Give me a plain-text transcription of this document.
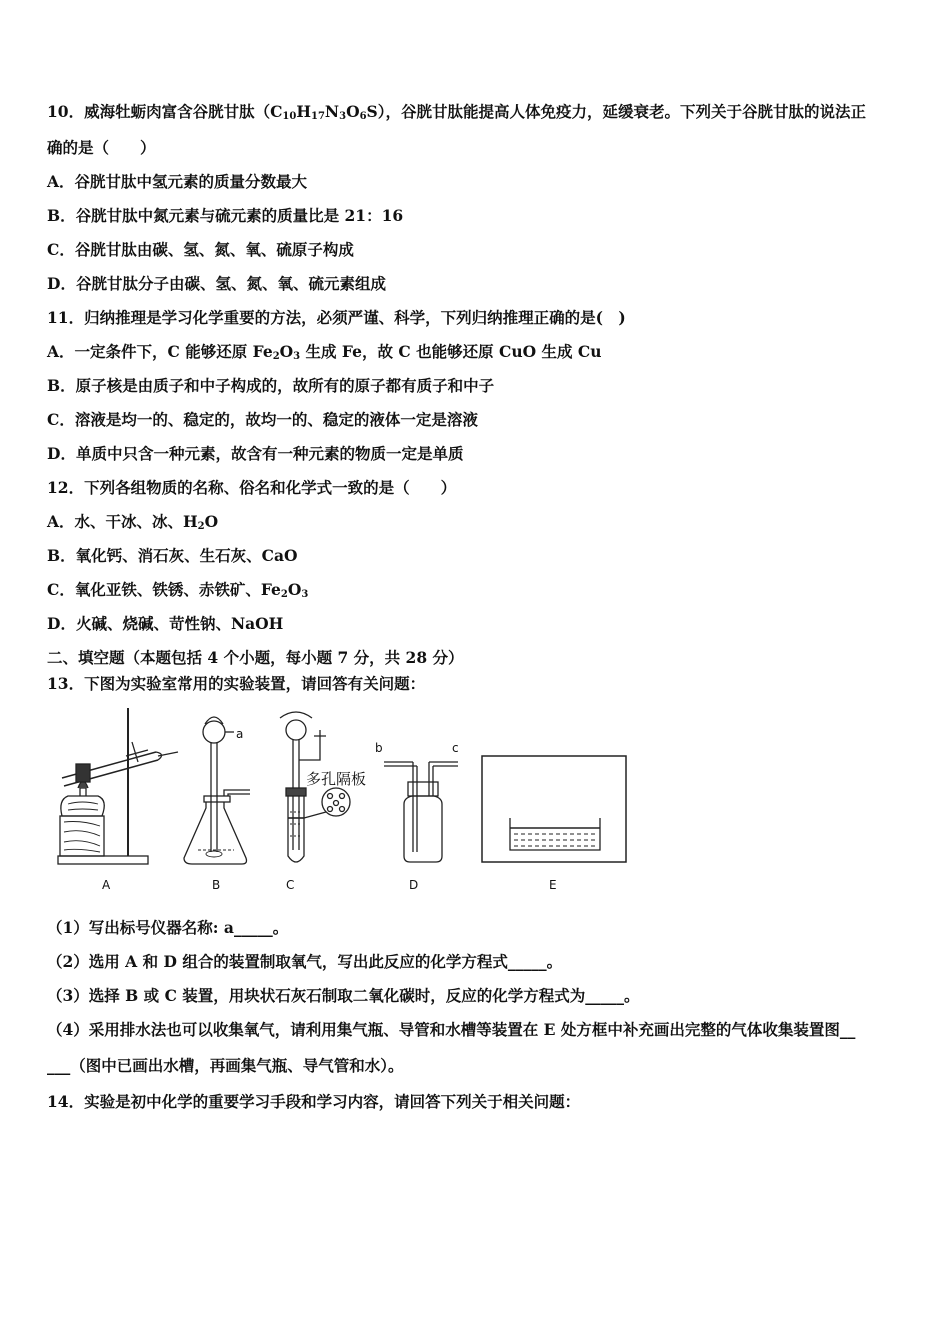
10．威海牡蛎肉富含谷胱甘肽$(C_{10}H_{17}N_3O_6S)$，谷胱甘肽能提高人体免疫力，延缓衰老。下列关于谷胱甘肽的说法正
确的是（　　）
A．谷胱甘肽中氢元素的质量分数最大
B．谷胱甘肽中氮元素与硫元素的质量比是 21：16
C．谷胱甘肽由碳、氢、氮、氧、硫原子构成
D．谷胱甘肽分子由碳、氢、氮、氧、硫元素组成
11．归纳推理是学习化学重要的方法，必须严谨、科学，下列归纳推理正确的是(　)
A．一定条件下，C 能够还原 $Fe_2O_3$ 生成 Fe，故 C 也能够还原 CuO 生成 Cu
B．原子核是由质子和中子构成的，故所有的原子都有质子和中子
C．溶液是均一的、稳定的，故均一的、稳定的液体一定是溶液
D．单质中只含一种元素，故含有一种元素的物质一定是单质
12．下列各组物质的名称、俗名和化学式一致的是（　　）
A．水、干冰、冰、$H_2O$
B．氧化钙、消石灰、生石灰、CaO
C．氧化亚铁、铁锈、赤铁矿、$Fe_2O_3$
D．火碱、烧碱、苛性钠、NaOH
二、填空题（本题包括 4 个小题，每小题 7 分，共 28 分）
13．下图为实验室常用的实验装置，请回答有关问题：
a
b	c
多孔隔板
A	B	C	D	E
（1）写出标号仪器名称: a_____。
（2）选用 A 和 D 组合的装置制取氧气，写出此反应的化学方程式_____。
（3）选择 B 或 C 装置，用块状石灰石制取二氧化碳时，反应的化学方程式为_____。
（4）采用排水法也可以收集氧气，请利用集气瓶、导管和水槽等装置在 E 处方框中补充画出完整的气体收集装置图__
___（图中已画出水槽，再画集气瓶、导气管和水）。
14．实验是初中化学的重要学习手段和学习内容，请回答下列关于相关问题：
